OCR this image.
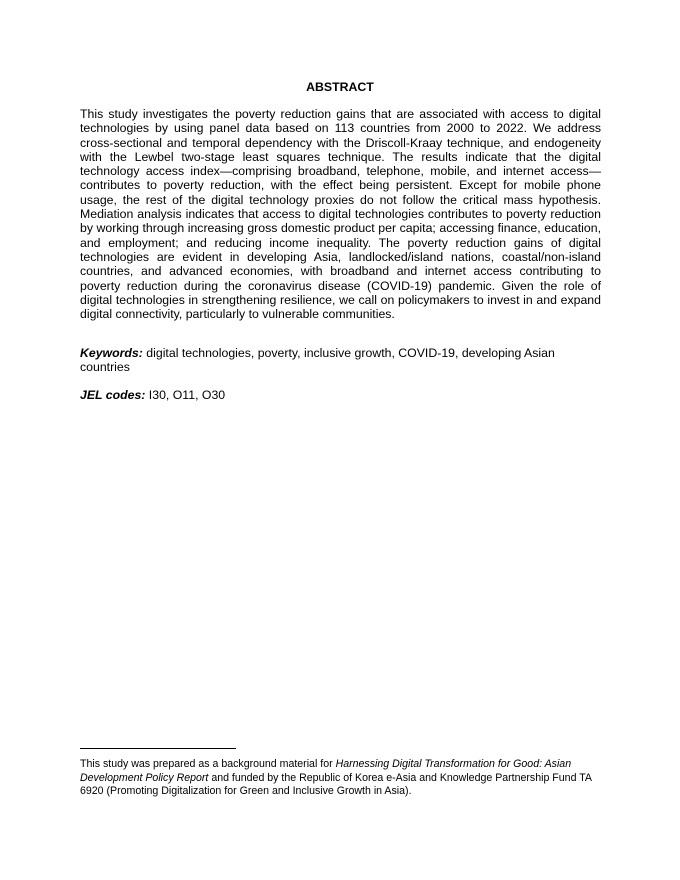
ABSTRACT

This study investigates the poverty reduction gains that are associated with access to digital technologies by using panel data based on 113 countries from 2000 to 2022. We address cross-sectional and temporal dependency with the Driscoll-Kraay technique, and endogeneity with the Lewbel two-stage least squares technique. The results indicate that the digital technology access index—comprising broadband, telephone, mobile, and internet access—contributes to poverty reduction, with the effect being persistent. Except for mobile phone usage, the rest of the digital technology proxies do not follow the critical mass hypothesis. Mediation analysis indicates that access to digital technologies contributes to poverty reduction by working through increasing gross domestic product per capita; accessing finance, education, and employment; and reducing income inequality. The poverty reduction gains of digital technologies are evident in developing Asia, landlocked/island nations, coastal/non-island countries, and advanced economies, with broadband and internet access contributing to poverty reduction during the coronavirus disease (COVID-19) pandemic. Given the role of digital technologies in strengthening resilience, we call on policymakers to invest in and expand digital connectivity, particularly to vulnerable communities.

Keywords: digital technologies, poverty, inclusive growth, COVID-19, developing Asian countries

JEL codes: I30, O11, O30

This study was prepared as a background material for Harnessing Digital Transformation for Good: Asian Development Policy Report and funded by the Republic of Korea e-Asia and Knowledge Partnership Fund TA 6920 (Promoting Digitalization for Green and Inclusive Growth in Asia).
